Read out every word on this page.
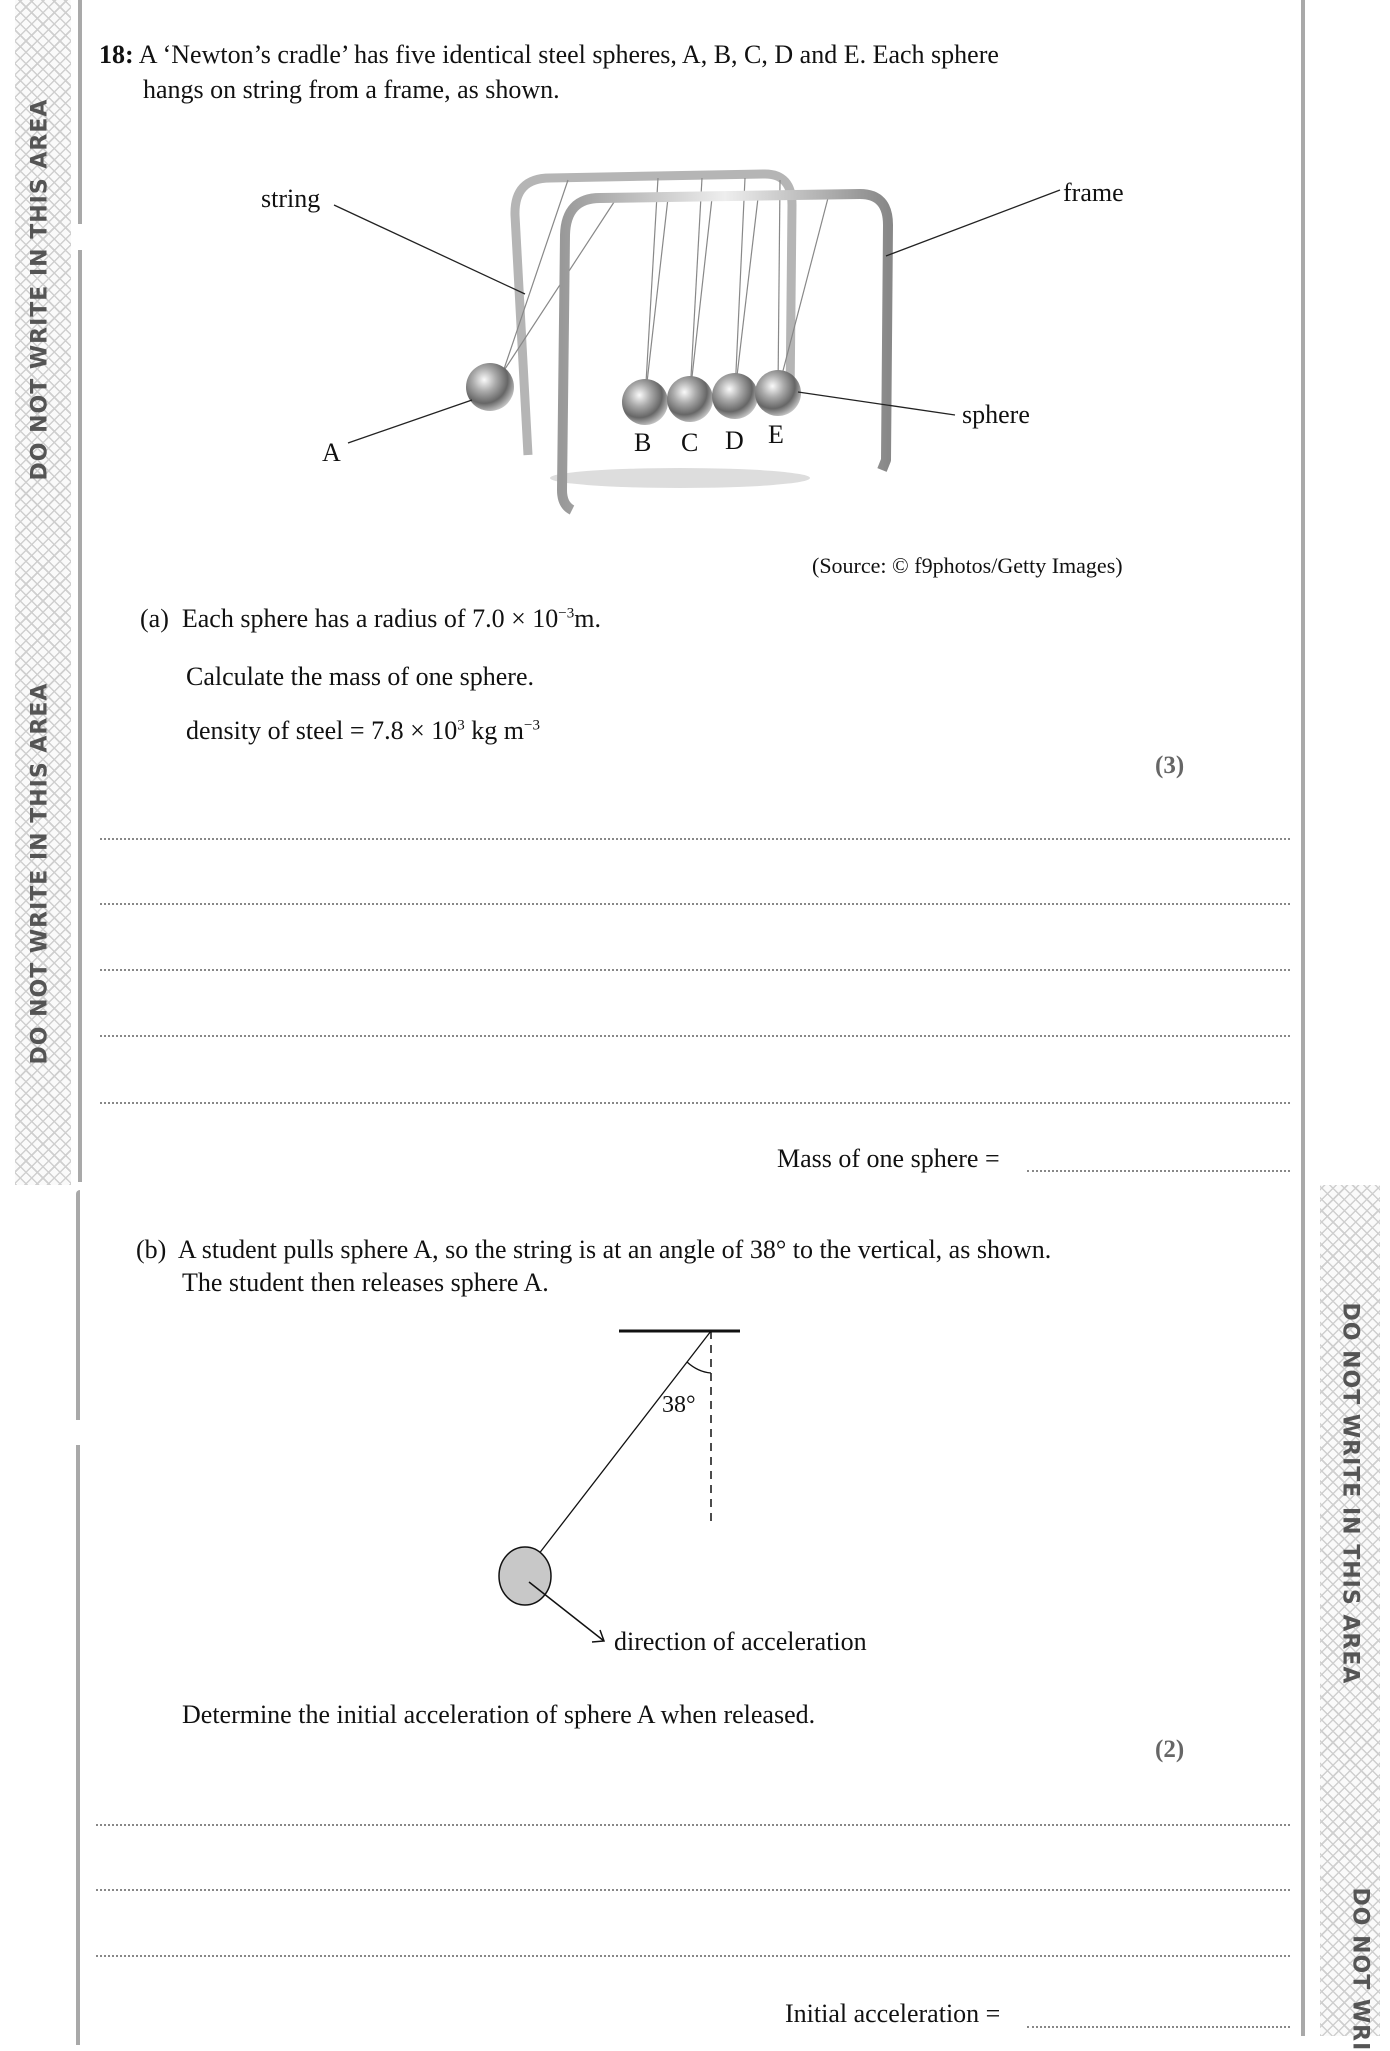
DO NOT WRITE IN THIS AREA
DO NOT WRITE IN THIS AREA
DO NOT WRITE IN THIS AREA
DO NOT WRI
18: A ‘Newton’s cradle’ has five identical steel spheres, A, B, C, D and E. Each sphere
hangs on string from a frame, as shown.
string	frame
sphere
A	B C D E
(Source: © f9photos/Getty Images)
(a) Each sphere has a radius of $7.0 \times 10^{-3}m$.
Calculate the mass of one sphere.
density of steel = $7.8 \times 10^3$ kg $m^{-3}$
(3)
Mass of one sphere =
(b) A student pulls sphere A, so the string is at an angle of 38° to the vertical, as shown.
The student then releases sphere A.
38°
direction of acceleration
Determine the initial acceleration of sphere A when released.
(2)
Initial acceleration =
